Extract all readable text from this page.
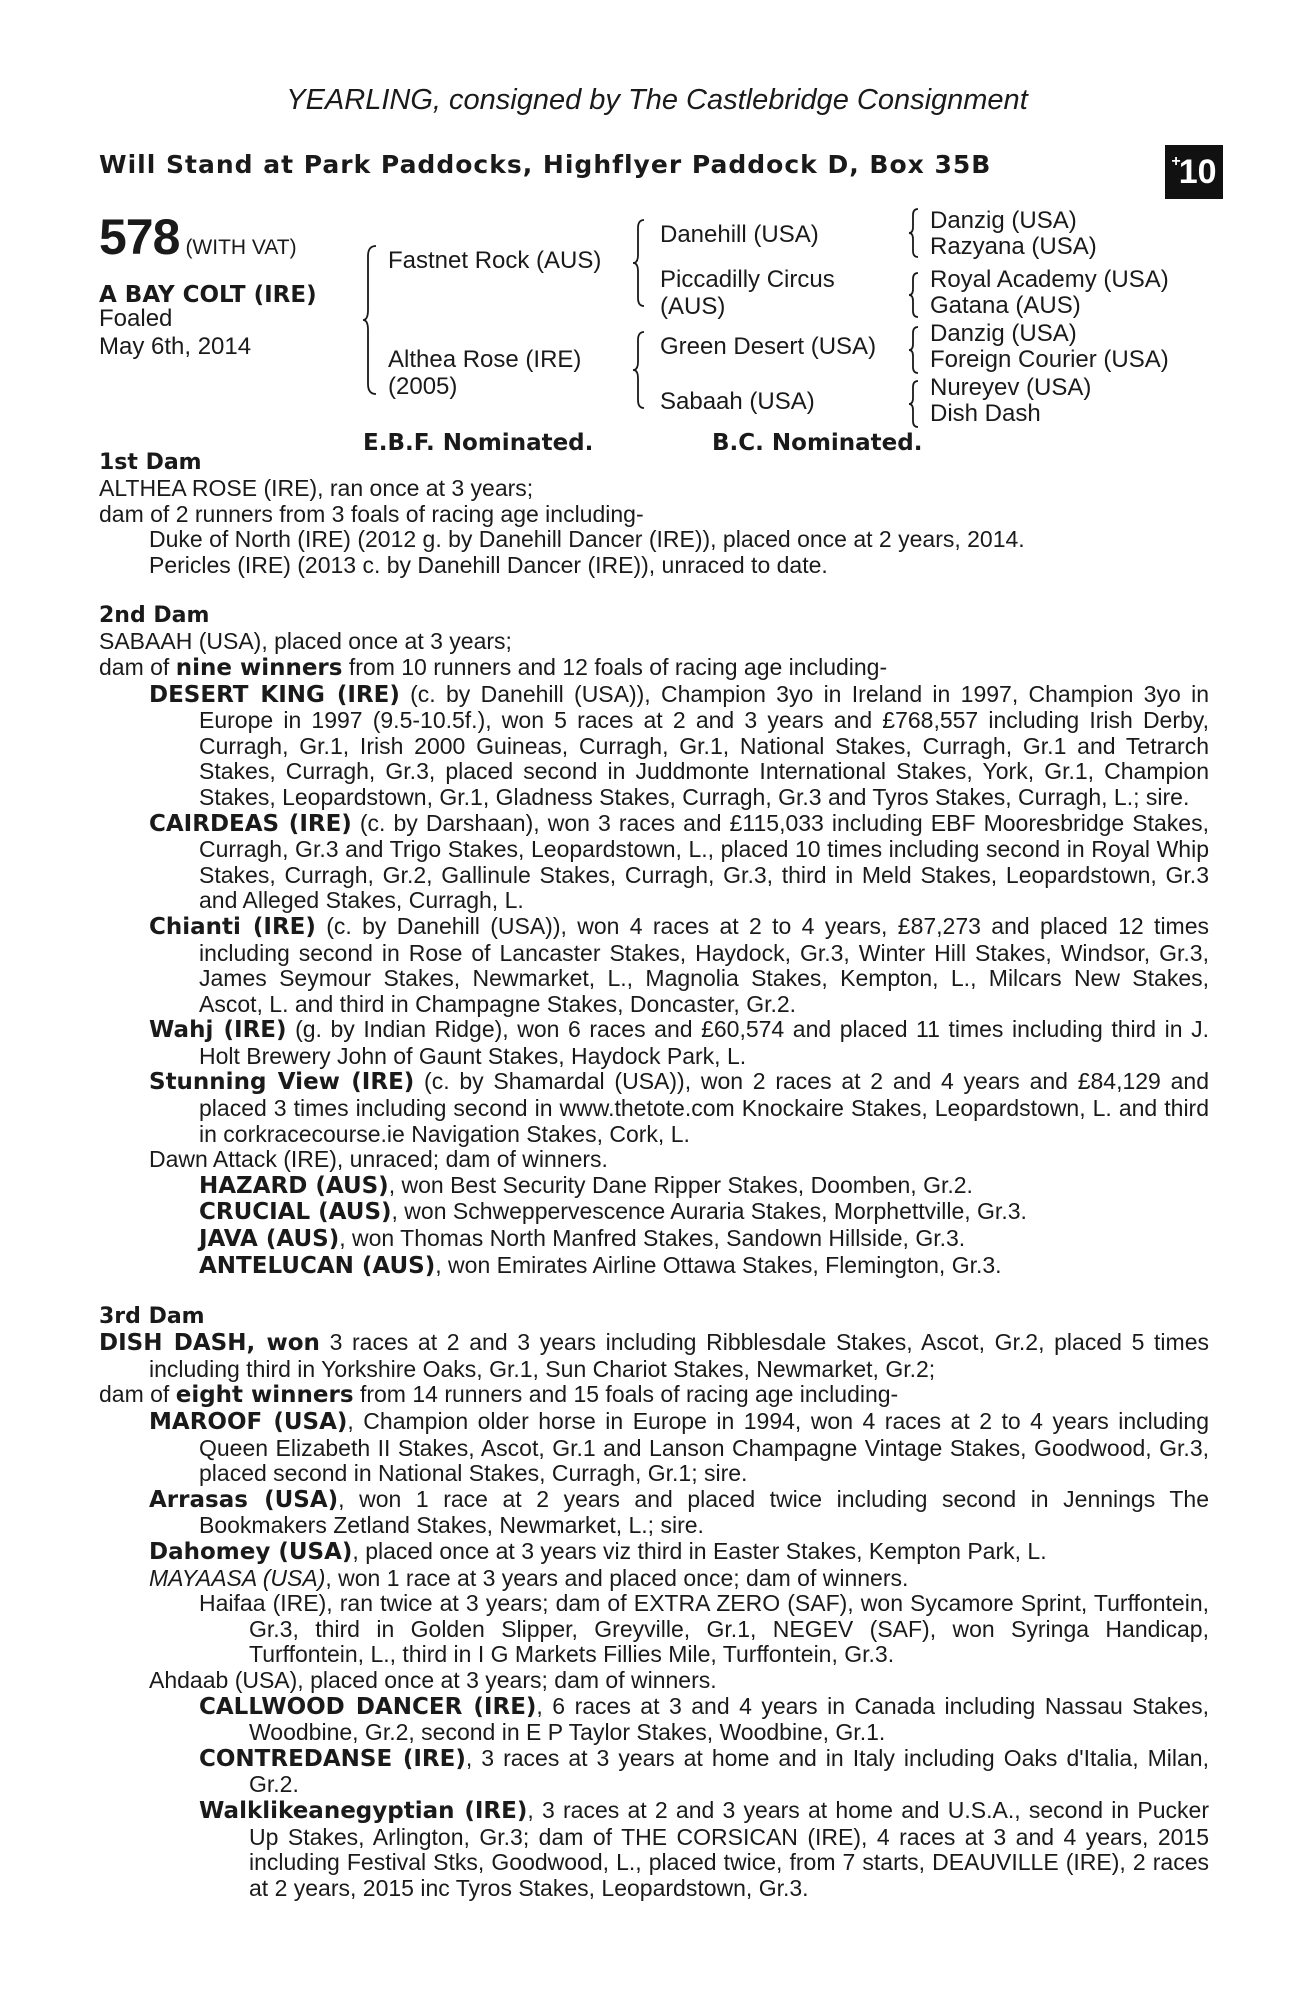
YEARLING, consigned by The Castlebridge Consignment
Will Stand at Park Paddocks, Highflyer Paddock D, Box 35B	+
10
578 (WITH VAT)
A BAY COLT (IRE)
Foaled
May 6th, 2014
Fastnet Rock (AUS)
Althea Rose (IRE)
(2005)
Danehill (USA)
Piccadilly Circus
(AUS)
Green Desert (USA)
Sabaah (USA)
Danzig (USA)
Razyana (USA)
Royal Academy (USA)
Gatana (AUS)
Danzig (USA)
Foreign Courier (USA)
Nureyev (USA)
Dish Dash
E.B.F. Nominated.	B.C. Nominated.
1st Dam

ALTHEA ROSE (IRE), ran once at 3 years;

dam of 2 runners from 3 foals of racing age including-

Duke of North (IRE) (2012 g. by Danehill Dancer (IRE)), placed once at 2 years, 2014.

Pericles (IRE) (2013 c. by Danehill Dancer (IRE)), unraced to date.

2nd Dam

SABAAH (USA), placed once at 3 years;

dam of nine winners from 10 runners and 12 foals of racing age including-

DESERT KING (IRE) (c. by Danehill (USA)), Champion 3yo in Ireland in 1997, Champion 3yo in Europe in 1997 (9.5-10.5f.), won 5 races at 2 and 3 years and £768,557 including Irish Derby, Curragh, Gr.1, Irish 2000 Guineas, Curragh, Gr.1, National Stakes, Curragh, Gr.1 and Tetrarch Stakes, Curragh, Gr.3, placed second in Juddmonte International Stakes, York, Gr.1, Champion Stakes, Leopardstown, Gr.1, Gladness Stakes, Curragh, Gr.3 and Tyros Stakes, Curragh, L.; sire.

CAIRDEAS (IRE) (c. by Darshaan), won 3 races and £115,033 including EBF Mooresbridge Stakes, Curragh, Gr.3 and Trigo Stakes, Leopardstown, L., placed 10 times including second in Royal Whip Stakes, Curragh, Gr.2, Gallinule Stakes, Curragh, Gr.3, third in Meld Stakes, Leopardstown, Gr.3 and Alleged Stakes, Curragh, L.

Chianti (IRE) (c. by Danehill (USA)), won 4 races at 2 to 4 years, £87,273 and placed 12 times including second in Rose of Lancaster Stakes, Haydock, Gr.3, Winter Hill Stakes, Windsor, Gr.3, James Seymour Stakes, Newmarket, L., Magnolia Stakes, Kempton, L., Milcars New Stakes, Ascot, L. and third in Champagne Stakes, Doncaster, Gr.2.

Wahj (IRE) (g. by Indian Ridge), won 6 races and £60,574 and placed 11 times including third in J. Holt Brewery John of Gaunt Stakes, Haydock Park, L.

Stunning View (IRE) (c. by Shamardal (USA)), won 2 races at 2 and 4 years and £84,129 and placed 3 times including second in www.thetote.com Knockaire Stakes, Leopardstown, L. and third in corkracecourse.ie Navigation Stakes, Cork, L.

Dawn Attack (IRE), unraced; dam of winners.

HAZARD (AUS), won Best Security Dane Ripper Stakes, Doomben, Gr.2.

CRUCIAL (AUS), won Schweppervescence Auraria Stakes, Morphettville, Gr.3.

JAVA (AUS), won Thomas North Manfred Stakes, Sandown Hillside, Gr.3.

ANTELUCAN (AUS), won Emirates Airline Ottawa Stakes, Flemington, Gr.3.

3rd Dam

DISH DASH, won 3 races at 2 and 3 years including Ribblesdale Stakes, Ascot, Gr.2, placed 5 times including third in Yorkshire Oaks, Gr.1, Sun Chariot Stakes, Newmarket, Gr.2;

dam of eight winners from 14 runners and 15 foals of racing age including-

MAROOF (USA), Champion older horse in Europe in 1994, won 4 races at 2 to 4 years including Queen Elizabeth II Stakes, Ascot, Gr.1 and Lanson Champagne Vintage Stakes, Goodwood, Gr.3, placed second in National Stakes, Curragh, Gr.1; sire.

Arrasas (USA), won 1 race at 2 years and placed twice including second in Jennings The Bookmakers Zetland Stakes, Newmarket, L.; sire.

Dahomey (USA), placed once at 3 years viz third in Easter Stakes, Kempton Park, L.

MAYAASA (USA), won 1 race at 3 years and placed once; dam of winners.

Haifaa (IRE), ran twice at 3 years; dam of EXTRA ZERO (SAF), won Sycamore Sprint, Turffontein, Gr.3, third in Golden Slipper, Greyville, Gr.1, NEGEV (SAF), won Syringa Handicap, Turffontein, L., third in I G Markets Fillies Mile, Turffontein, Gr.3.

Ahdaab (USA), placed once at 3 years; dam of winners.

CALLWOOD DANCER (IRE), 6 races at 3 and 4 years in Canada including Nassau Stakes, Woodbine, Gr.2, second in E P Taylor Stakes, Woodbine, Gr.1.

CONTREDANSE (IRE), 3 races at 3 years at home and in Italy including Oaks d'Italia, Milan, Gr.2.

Walklikeanegyptian (IRE), 3 races at 2 and 3 years at home and U.S.A., second in Pucker Up Stakes, Arlington, Gr.3; dam of THE CORSICAN (IRE), 4 races at 3 and 4 years, 2015 including Festival Stks, Goodwood, L., placed twice, from 7 starts, DEAUVILLE (IRE), 2 races at 2 years, 2015 inc Tyros Stakes, Leopardstown, Gr.3.
